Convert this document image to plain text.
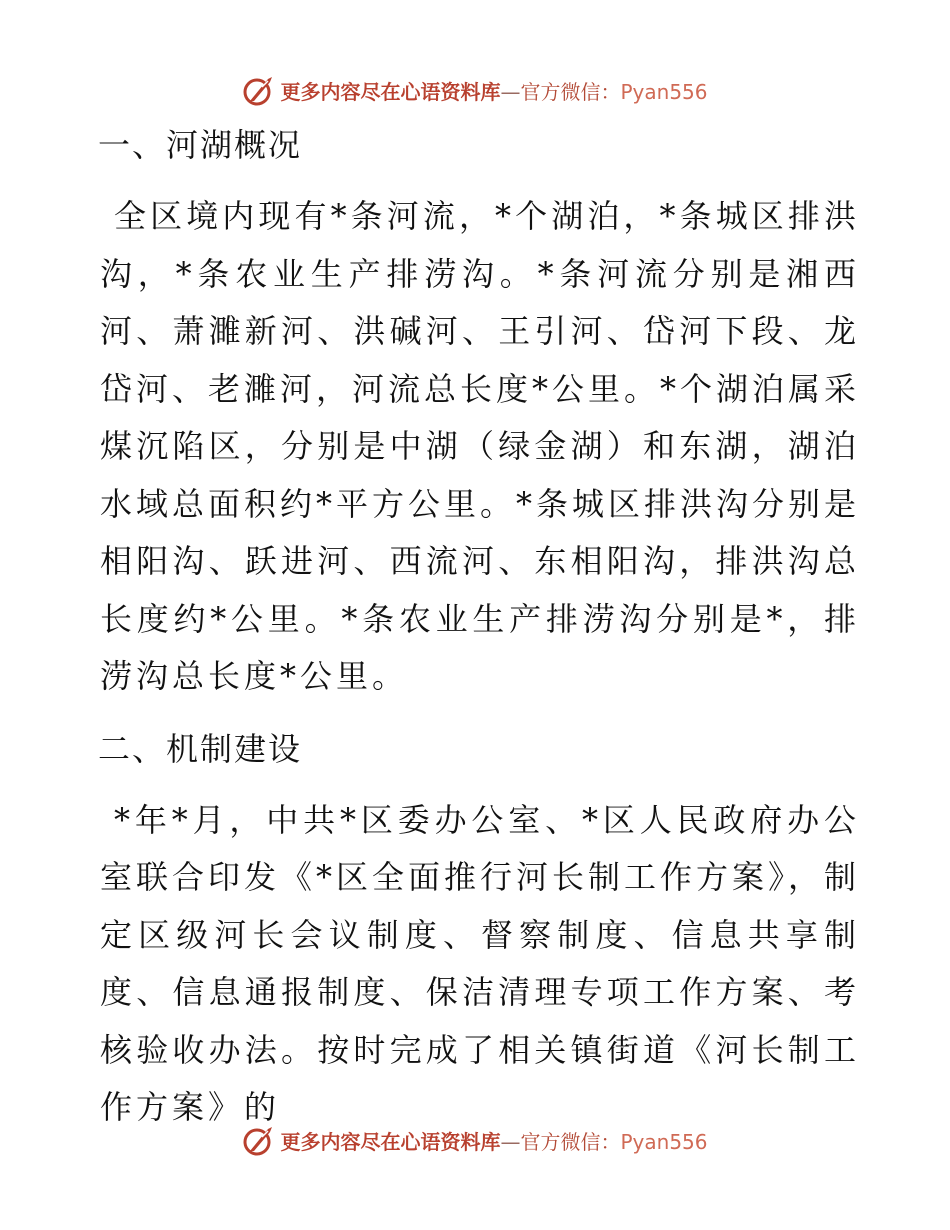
更多内容尽在心语资料库—官方微信：Pyan556
一、河湖概况

全区境内现有*条河流，*个湖泊，*条城区排洪沟，*条农业生产排涝沟。*条河流分别是湘西河、萧濉新河、洪碱河、王引河、岱河下段、龙岱河、老濉河，河流总长度*公里。*个湖泊属采煤沉陷区，分别是中湖（绿金湖）和东湖，湖泊水域总面积约*平方公里。*条城区排洪沟分别是相阳沟、跃进河、西流河、东相阳沟，排洪沟总长度约*公里。*条农业生产排涝沟分别是*，排涝沟总长度*公里。

二、机制建设

*年*月，中共*区委办公室、*区人民政府办公室联合印发《*区全面推行河长制工作方案》，制定区级河长会议制度、督察制度、信息共享制度、信息通报制度、保洁清理专项工作方案、考核验收办法。按时完成了相关镇街道《河长制工作方案》的

更多内容尽在心语资料库—官方微信：Pyan556
